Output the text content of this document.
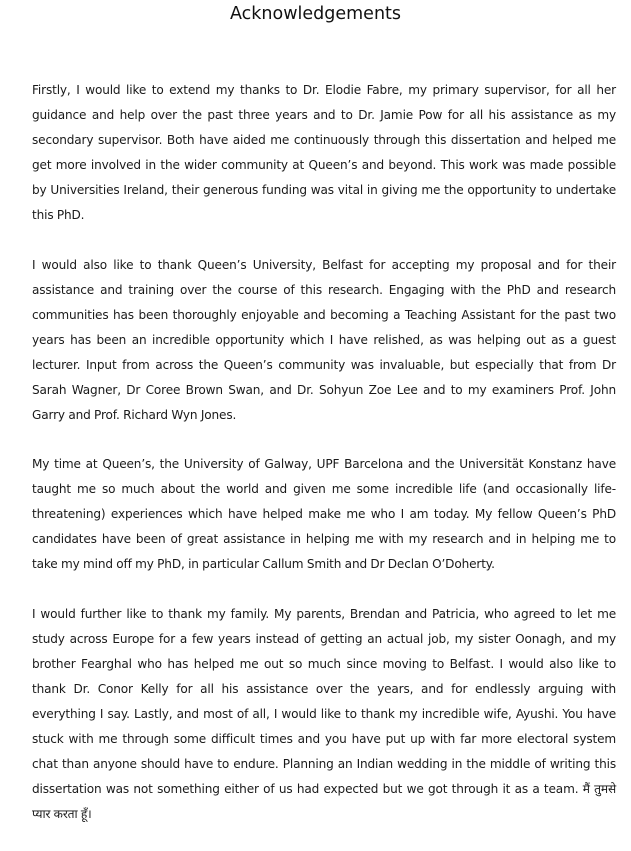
Acknowledgements

Firstly, I would like to extend my thanks to Dr. Elodie Fabre, my primary supervisor, for all her guidance and help over the past three years and to Dr. Jamie Pow for all his assistance as my secondary supervisor. Both have aided me continuously through this dissertation and helped me get more involved in the wider community at Queen’s and beyond. This work was made possible by Universities Ireland, their generous funding was vital in giving me the opportunity to undertake this PhD.

I would also like to thank Queen’s University, Belfast for accepting my proposal and for their assistance and training over the course of this research. Engaging with the PhD and research communities has been thoroughly enjoyable and becoming a Teaching Assistant for the past two years has been an incredible opportunity which I have relished, as was helping out as a guest lecturer. Input from across the Queen’s community was invaluable, but especially that from Dr Sarah Wagner, Dr Coree Brown Swan, and Dr. Sohyun Zoe Lee and to my examiners Prof. John Garry and Prof. Richard Wyn Jones.

My time at Queen’s, the University of Galway, UPF Barcelona and the Universität Konstanz have taught me so much about the world and given me some incredible life (and occasionally life-threatening) experiences which have helped make me who I am today. My fellow Queen’s PhD candidates have been of great assistance in helping me with my research and in helping me to take my mind off my PhD, in particular Callum Smith and Dr Declan O’Doherty.

I would further like to thank my family. My parents, Brendan and Patricia, who agreed to let me study across Europe for a few years instead of getting an actual job, my sister Oonagh, and my brother Fearghal who has helped me out so much since moving to Belfast. I would also like to thank Dr. Conor Kelly for all his assistance over the years, and for endlessly arguing with everything I say. Lastly, and most of all, I would like to thank my incredible wife, Ayushi. You have stuck with me through some difficult times and you have put up with far more electoral system chat than anyone should have to endure. Planning an Indian wedding in the middle of writing this dissertation was not something either of us had expected but we got through it as a team. मैं तुमसे प्यार करता हूँ।
